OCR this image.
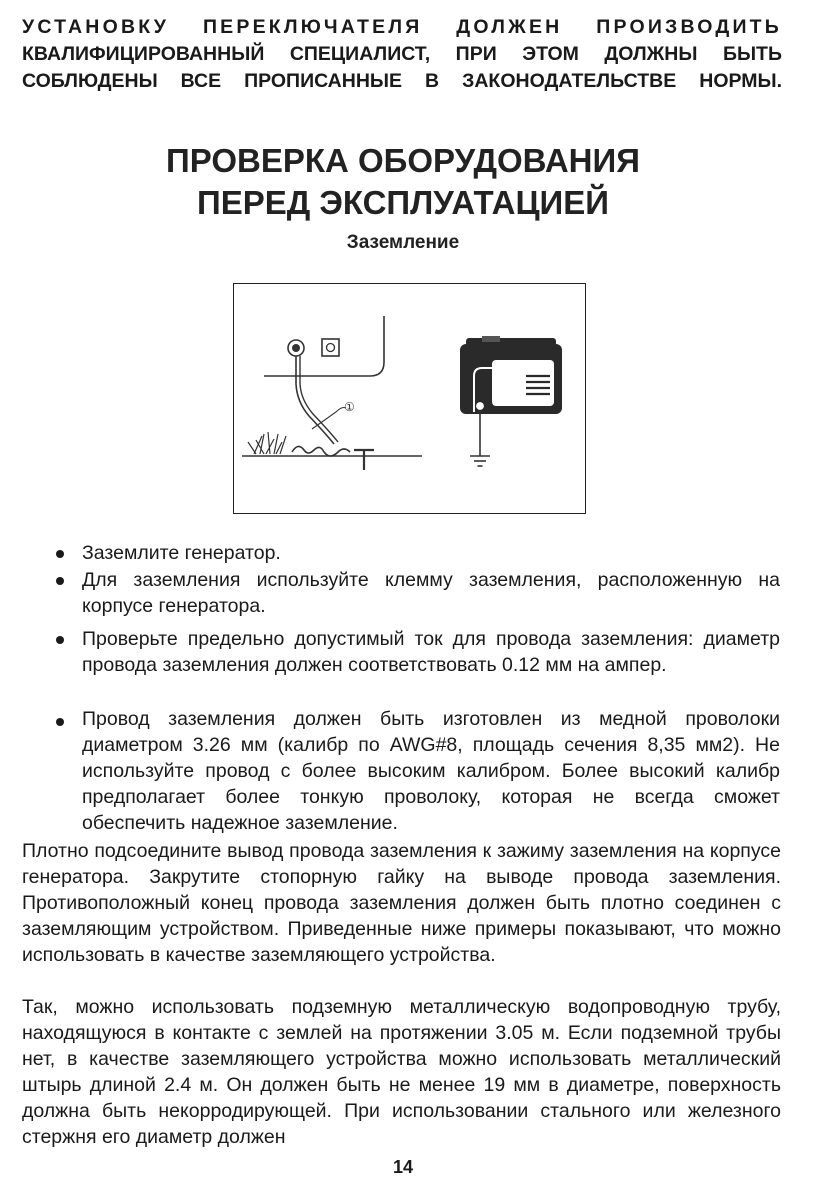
УСТАНОВКУ ПЕРЕКЛЮЧАТЕЛЯ ДОЛЖЕН ПРОИЗВОДИТЬ
КВАЛИФИЦИРОВАННЫЙ СПЕЦИАЛИСТ, ПРИ ЭТОМ ДОЛЖНЫ БЫТЬ
СОБЛЮДЕНЫ ВСЕ ПРОПИСАННЫЕ В ЗАКОНОДАТЕЛЬСТВЕ НОРМЫ.
ПРОВЕРКА ОБОРУДОВАНИЯ
ПЕРЕД ЭКСПЛУАТАЦИЕЙ
Заземление
①
Заземлите генератор.
Для заземления используйте клемму заземления, расположенную на корпусе генератора.
Проверьте предельно допустимый ток для провода заземления: диаметр провода заземления должен соответствовать 0.12 мм на ампер.
Провод заземления должен быть изготовлен из медной проволоки диаметром 3.26 мм (калибр по AWG#8, площадь сечения 8,35 мм2). Не используйте провод с более высоким калибром. Более высокий калибр предполагает более тонкую проволоку, которая не всегда сможет обеспечить надежное заземление.
Плотно подсоедините вывод провода заземления к зажиму заземления на корпусе генератора. Закрутите стопорную гайку на выводе провода заземления. Противоположный конец провода заземления должен быть плотно соединен с заземляющим устройством. Приведенные ниже примеры показывают, что можно использовать в качестве заземляющего устройства.
Так, можно использовать подземную металлическую водопроводную трубу, находящуюся в контакте с землей на протяжении 3.05 м. Если подземной трубы нет, в качестве заземляющего устройства можно использовать металлический штырь длиной 2.4 м. Он должен быть не менее 19 мм в диаметре, поверхность должна быть некорродирующей. При использовании стального или железного стержня его диаметр должен
14
